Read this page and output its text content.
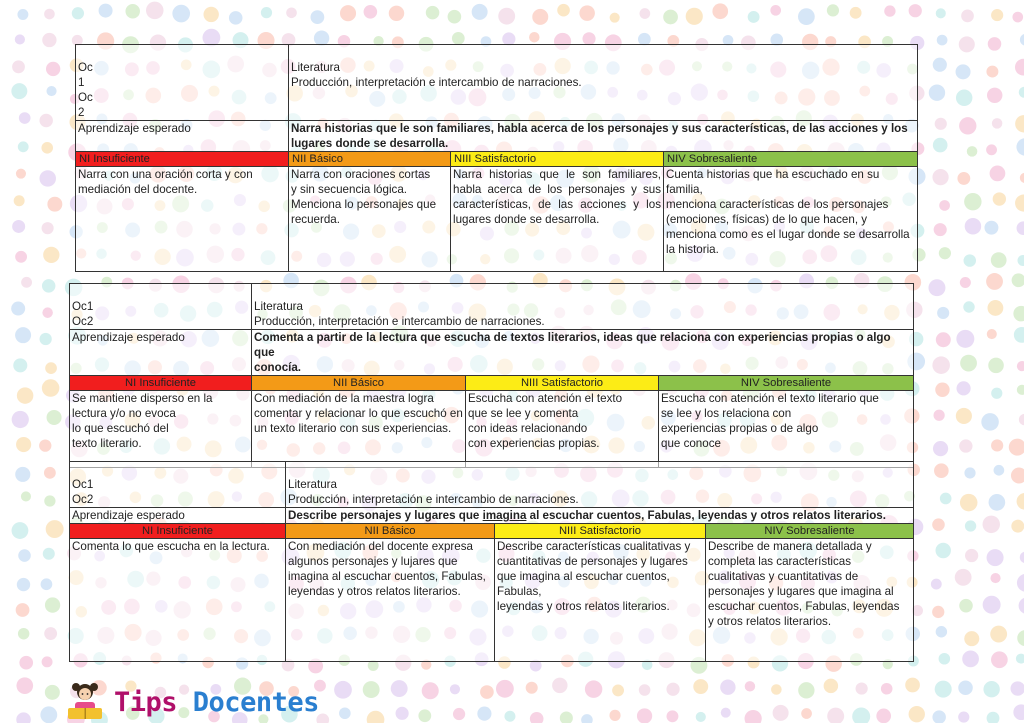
Oc
1
Oc
2	Literatura
Producción, interpretación e intercambio de narraciones.		

Aprendizaje esperado	Narra historias que le son familiares, habla acerca de los personajes y sus características, de las acciones y los lugares donde se desarrolla.		
NI Insuficiente	NII Básico	NIII Satisfactorio	NIV Sobresaliente
Narra con una oración corta y con
mediación del docente.	Narra con oraciones cortas
y sin secuencia lógica. Menciona lo personajes que recuerda.	Narra historias que le son familiares, habla acerca de los personajes y sus características, de las acciones y los lugares donde se desarrolla.	Cuenta historias que ha escuchado en su familia,
menciona características de los personajes (emociones, físicas) de lo que hacen, y menciona como es el lugar donde se desarrolla la historia.

Oc1
Oc2	Literatura
Producción, interpretación e intercambio de narraciones.		

Aprendizaje esperado	Comenta a partir de la lectura que escucha de textos literarios, ideas que relaciona con experiencias propias o algo que
conocía.		
NI Insuficiente	NII Básico	NIII Satisfactorio	NIV Sobresaliente
Se mantiene disperso en la lectura y/o no evoca
lo que escuchó del
texto literario.	Con mediación de la maestra logra
comentar y relacionar lo que escuchó en un texto literario con sus experiencias.	Escucha con atención el texto
que se lee y comenta
con ideas relacionando
con experiencias propias.	Escucha con atención el texto literario que
se lee y los relaciona con
experiencias propias o de algo
que conoce

Oc1
Oc2	Literatura
Producción, interpretación e intercambio de narraciones.		

Aprendizaje esperado	Describe personajes y lugares que imagina al escuchar cuentos, Fabulas, leyendas y otros relatos literarios.		
NI Insuficiente	NII Básico	NIII Satisfactorio	NIV Sobresaliente
Comenta lo que escucha en la lectura.	Con mediación del docente expresa
algunos personajes y lujares que imagina al escuchar cuentos, Fabulas,
leyendas y otros relatos literarios.	Describe características cualitativas y
cuantitativas de personajes y lugares que imagina al escuchar cuentos, Fabulas,
leyendas y otros relatos literarios.	Describe de manera detallada y
completa las características cualitativas y cuantitativas de personajes y lugares que imagina al escuchar cuentos, Fabulas, leyendas
y otros relatos literarios.
Tips Docentes
